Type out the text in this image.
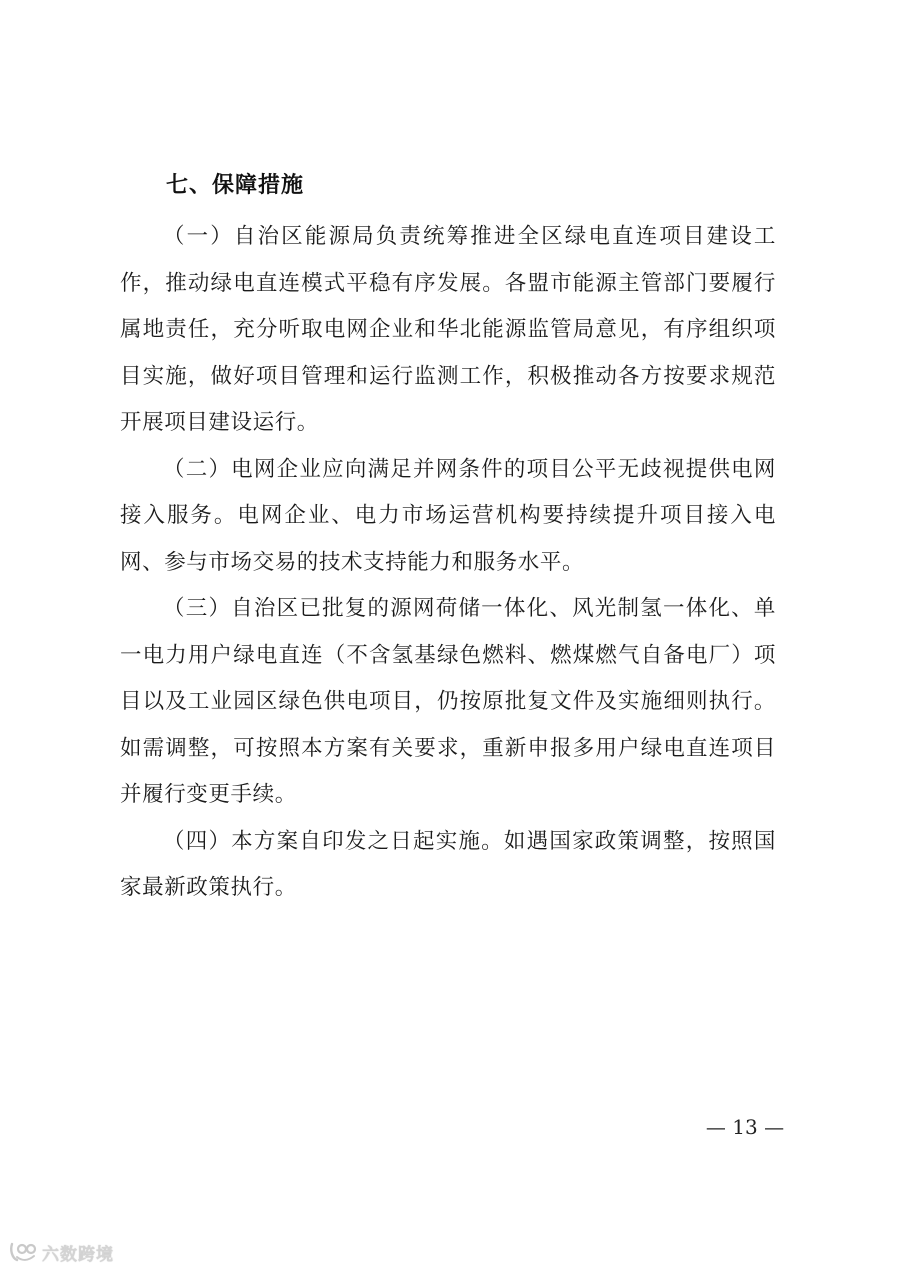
七、保障措施

（一）自治区能源局负责统筹推进全区绿电直连项目建设工作，推动绿电直连模式平稳有序发展。各盟市能源主管部门要履行属地责任，充分听取电网企业和华北能源监管局意见，有序组织项目实施，做好项目管理和运行监测工作，积极推动各方按要求规范开展项目建设运行。

（二）电网企业应向满足并网条件的项目公平无歧视提供电网接入服务。电网企业、电力市场运营机构要持续提升项目接入电网、参与市场交易的技术支持能力和服务水平。

（三）自治区已批复的源网荷储一体化、风光制氢一体化、单一电力用户绿电直连（不含氢基绿色燃料、燃煤燃气自备电厂）项目以及工业园区绿色供电项目，仍按原批复文件及实施细则执行。如需调整，可按照本方案有关要求，重新申报多用户绿电直连项目并履行变更手续。

（四）本方案自印发之日起实施。如遇国家政策调整，按照国家最新政策执行。

— 13 —
六数跨境
